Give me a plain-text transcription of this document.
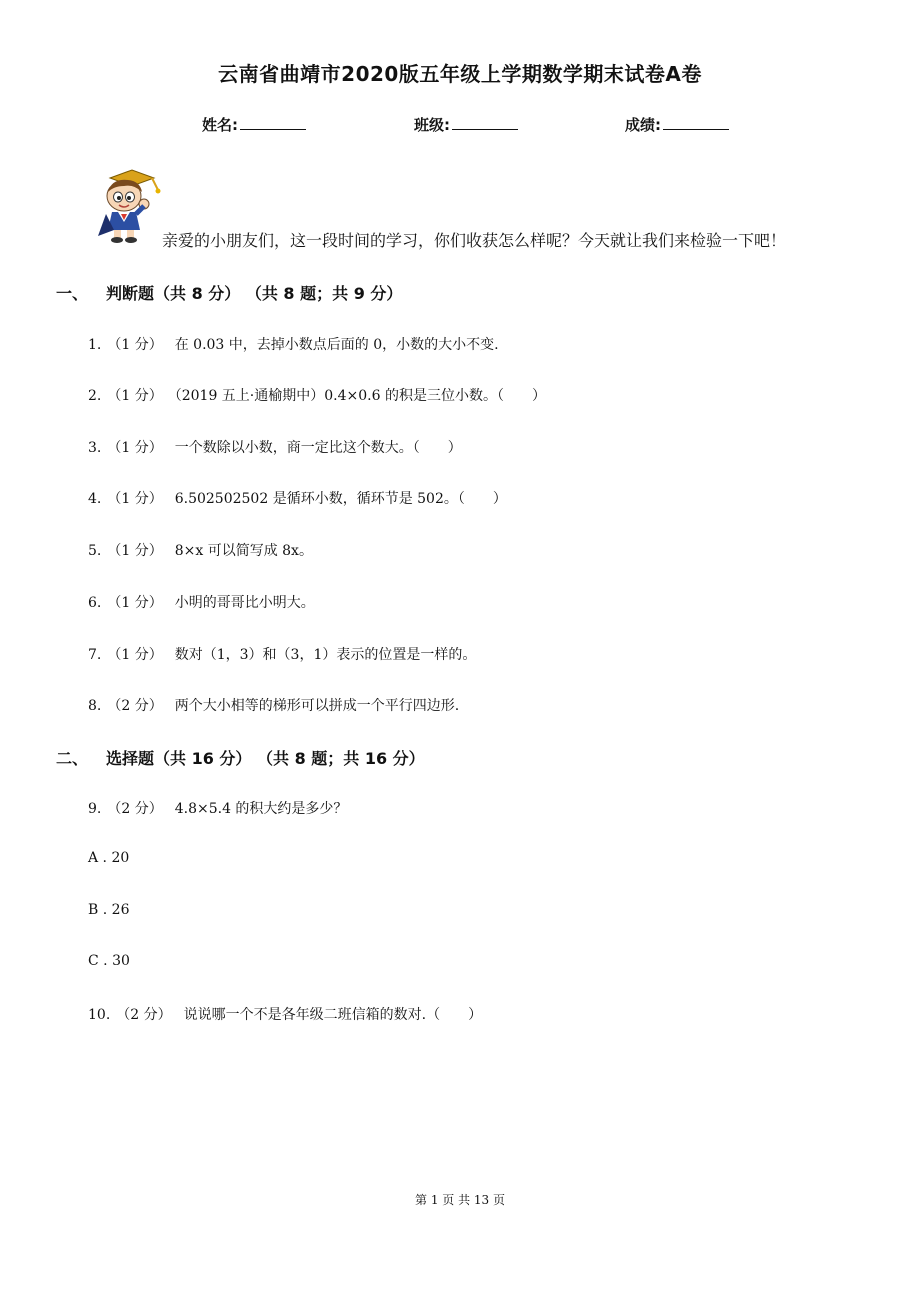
云南省曲靖市2020版五年级上学期数学期末试卷A卷
姓名:	班级:	成绩:
亲爱的小朋友们，这一段时间的学习，你们收获怎么样呢？今天就让我们来检验一下吧！
一、 判断题（共 8 分） （共 8 题；共 9 分）
1. （1 分） 在 0.03 中，去掉小数点后面的 0，小数的大小不变.
2. （1 分） （2019 五上·通榆期中）0.4×0.6 的积是三位小数。（　　）
3. （1 分） 一个数除以小数，商一定比这个数大。（　　）
4. （1 分） 6.502502502 是循环小数，循环节是 502。（　　）
5. （1 分） 8×x 可以简写成 8x。
6. （1 分） 小明的哥哥比小明大。
7. （1 分） 数对（1，3）和（3，1）表示的位置是一样的。
8. （2 分） 两个大小相等的梯形可以拼成一个平行四边形.
二、 选择题（共 16 分） （共 8 题；共 16 分）
9. （2 分） 4.8×5.4 的积大约是多少？
A . 20
B . 26
C . 30
10. （2 分） 说说哪一个不是各年级二班信箱的数对.（　　）
第 1 页 共 13 页
